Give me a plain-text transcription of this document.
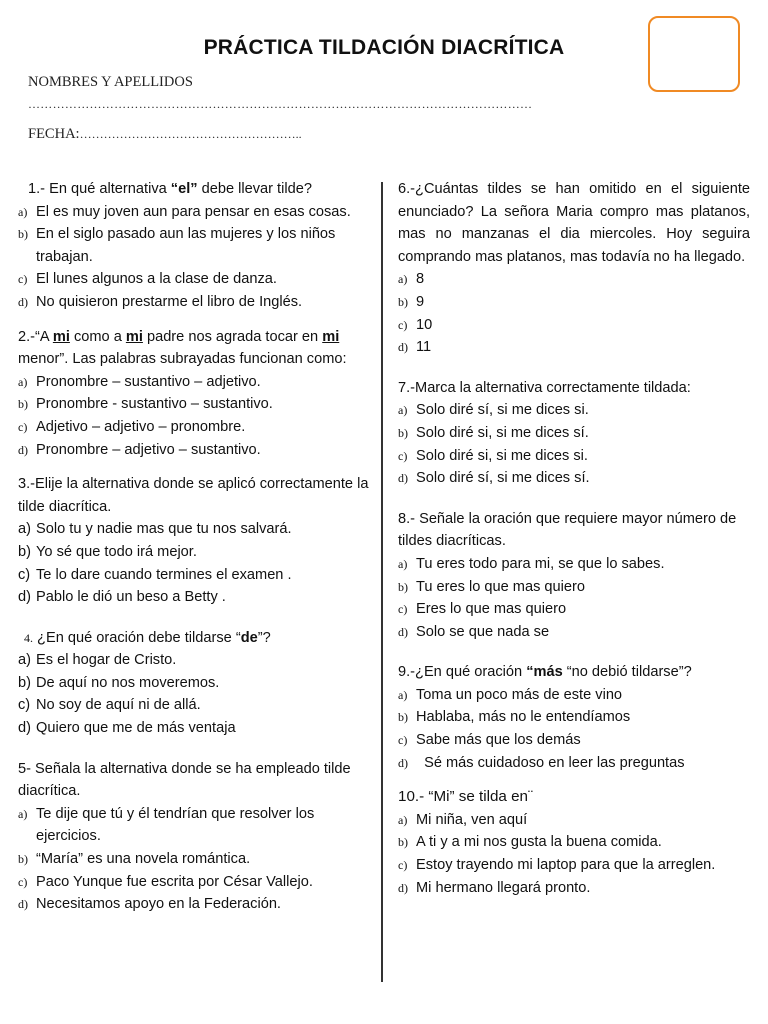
PRÁCTICA TILDACIÓN DIACRÍTICA
NOMBRES Y APELLIDOS
……………………………………………………………………………………………………………
FECHA:………………………………………………..
1.- En qué alternativa “el” debe llevar tilde?
a) El es muy joven aun para pensar en esas cosas.
b) En el siglo pasado aun las mujeres y los niños trabajan.
c) El lunes algunos a la clase de danza.
d) No quisieron prestarme el libro de Inglés.
2.-“A mi como a mi padre nos agrada tocar en mi menor”. Las palabras subrayadas funcionan como:
a) Pronombre – sustantivo – adjetivo.
b) Pronombre - sustantivo – sustantivo.
c) Adjetivo – adjetivo – pronombre.
d) Pronombre – adjetivo – sustantivo.
3.-Elije la alternativa donde se aplicó correctamente la tilde diacrítica.
a) Solo tu y nadie mas que tu nos salvará.
b) Yo sé que todo irá mejor.
c) Te lo dare cuando termines el examen .
d) Pablo le dió un beso a Betty .
4. ¿En qué oración debe tildarse “de”?
a) Es el hogar de Cristo.
b) De aquí no nos moveremos.
c) No soy de aquí ni de allá.
d) Quiero que me de más ventaja
5- Señala la alternativa donde se ha empleado tilde diacrítica.
a) Te dije que tú y él tendrían que resolver los ejercicios.
b) “María” es una novela romántica.
c) Paco Yunque fue escrita por César Vallejo.
d) Necesitamos apoyo en la Federación.
6.-¿Cuántas tildes se han omitido en el siguiente enunciado? La señora Maria compro mas platanos, mas no manzanas el dia miercoles. Hoy seguira comprando mas platanos, mas todavía no ha llegado.
a) 8
b) 9
c) 10
d) 11
7.-Marca la alternativa correctamente tildada:
a) Solo diré sí, si me dices si.
b) Solo diré si, si me dices sí.
c) Solo diré si, si me dices si.
d) Solo diré sí, si me dices sí.
8.- Señale la oración que requiere mayor número de tildes diacríticas.
a) Tu eres todo para mi, se que lo sabes.
b) Tu eres lo que mas quiero
c) Eres lo que mas quiero
d) Solo se que nada se
9.-¿En qué oración “más “no debió tildarse”?
a) Toma un poco más de este vino
b) Hablaba, más no le entendíamos
c) Sabe más que los demás
d) Sé más cuidadoso en leer las preguntas
10.- “Mi” se tilda en¨
a) Mi niña, ven aquí
b) A ti y a mi nos gusta la buena comida.
c) Estoy trayendo mi laptop para que la arreglen.
d) Mi hermano llegará pronto.
